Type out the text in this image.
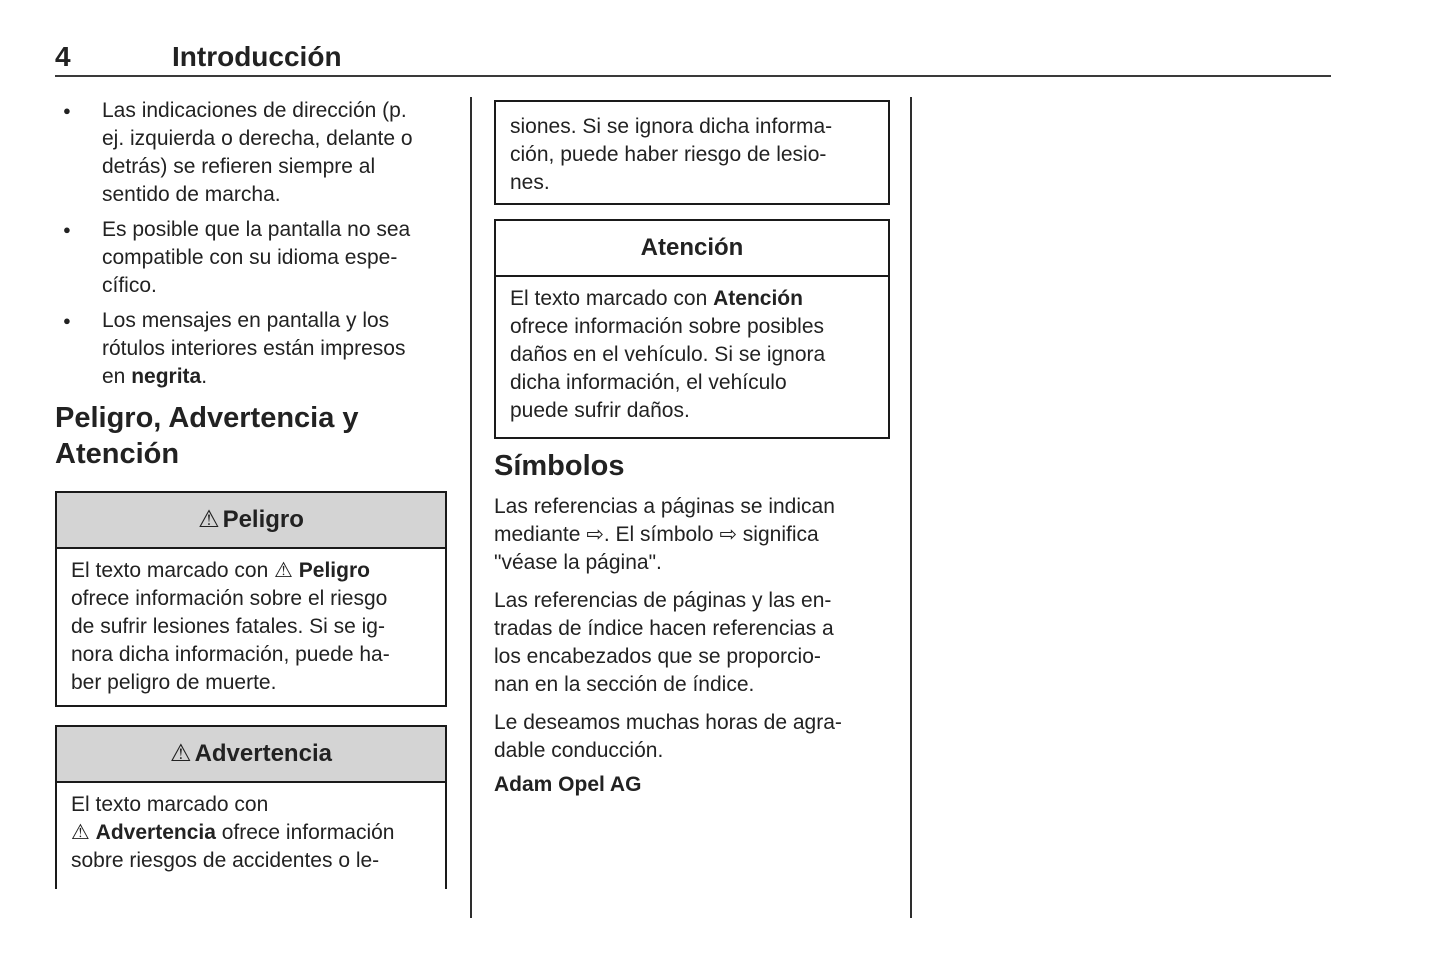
4	Introducción
●	Las indicaciones de dirección (p.
ej. izquierda o derecha, delante o
detrás) se refieren siempre al
sentido de marcha.
●	Es posible que la pantalla no sea
compatible con su idioma espe-
cífico.
●	Los mensajes en pantalla y los
rótulos interiores están impresos
en negrita.
Peligro, Advertencia y
Atención
⚠ Peligro
El texto marcado con ⚠ Peligro
ofrece información sobre el riesgo
de sufrir lesiones fatales. Si se ig-
nora dicha información, puede ha-
ber peligro de muerte.
⚠ Advertencia
El texto marcado con
⚠ Advertencia ofrece información
sobre riesgos de accidentes o le-
siones. Si se ignora dicha informa-
ción, puede haber riesgo de lesio-
nes.
Atención
El texto marcado con Atención
ofrece información sobre posibles
daños en el vehículo. Si se ignora
dicha información, el vehículo
puede sufrir daños.
Símbolos

Las referencias a páginas se indican
mediante ⇨. El símbolo ⇨ significa
"véase la página".

Las referencias de páginas y las en-
tradas de índice hacen referencias a
los encabezados que se proporcio-
nan en la sección de índice.

Le deseamos muchas horas de agra-
dable conducción.

Adam Opel AG
